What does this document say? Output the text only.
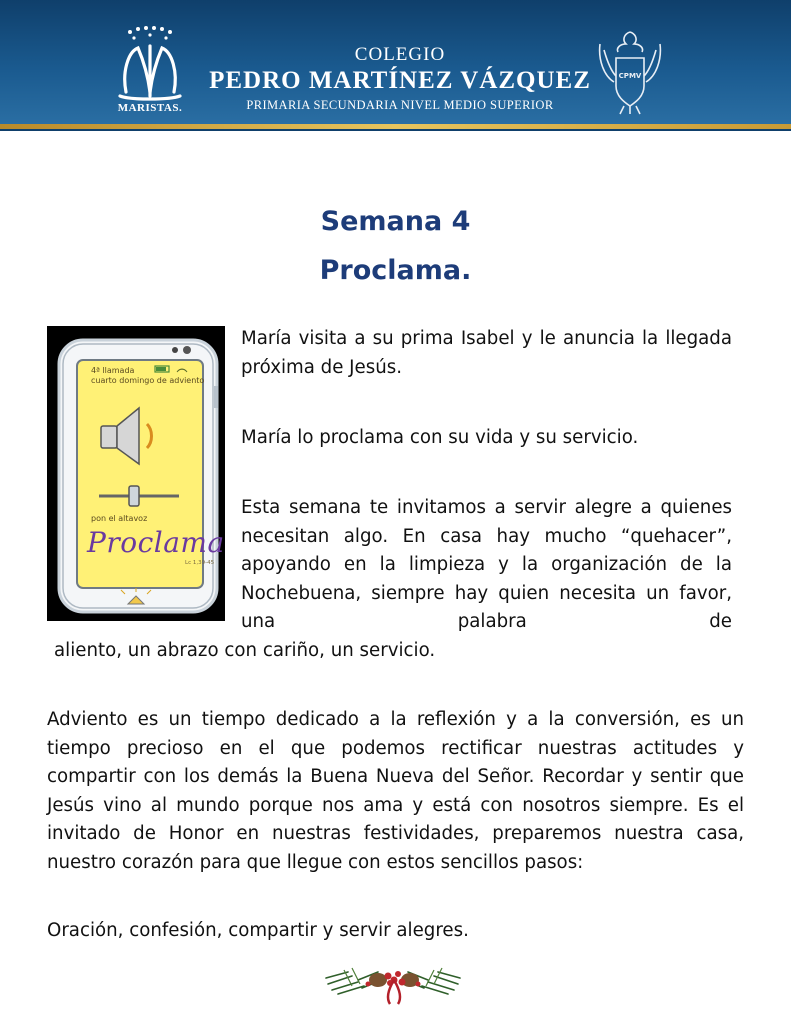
MARISTAS.
COLEGIO
PEDRO MARTÍNEZ VÁZQUEZ
PRIMARIA SECUNDARIA NIVEL MEDIO SUPERIOR
CPMV
Semana 4
Proclama.
4ª llamada
cuarto domingo de adviento
pon el altavoz
Proclama
Lc 1,39-45
María visita a su prima Isabel y le anuncia la llegada próxima de Jesús.
María lo proclama con su vida y su servicio.
Esta semana te invitamos a servir alegre a quienes necesitan algo. En casa hay mucho “quehacer”, apoyando en la limpieza y la organización de la Nochebuena, siempre hay quien necesita un favor, una palabra de
aliento, un abrazo con cariño, un servicio.
Adviento es un tiempo dedicado a la reflexión y a la conversión, es un tiempo precioso en el que podemos rectificar nuestras actitudes y compartir con los demás la Buena Nueva del Señor. Recordar y sentir que Jesús vino al mundo porque nos ama y está con nosotros siempre. Es el invitado de Honor en nuestras festividades, preparemos nuestra casa, nuestro corazón para que llegue con estos sencillos pasos:
Oración, confesión, compartir y servir alegres.
